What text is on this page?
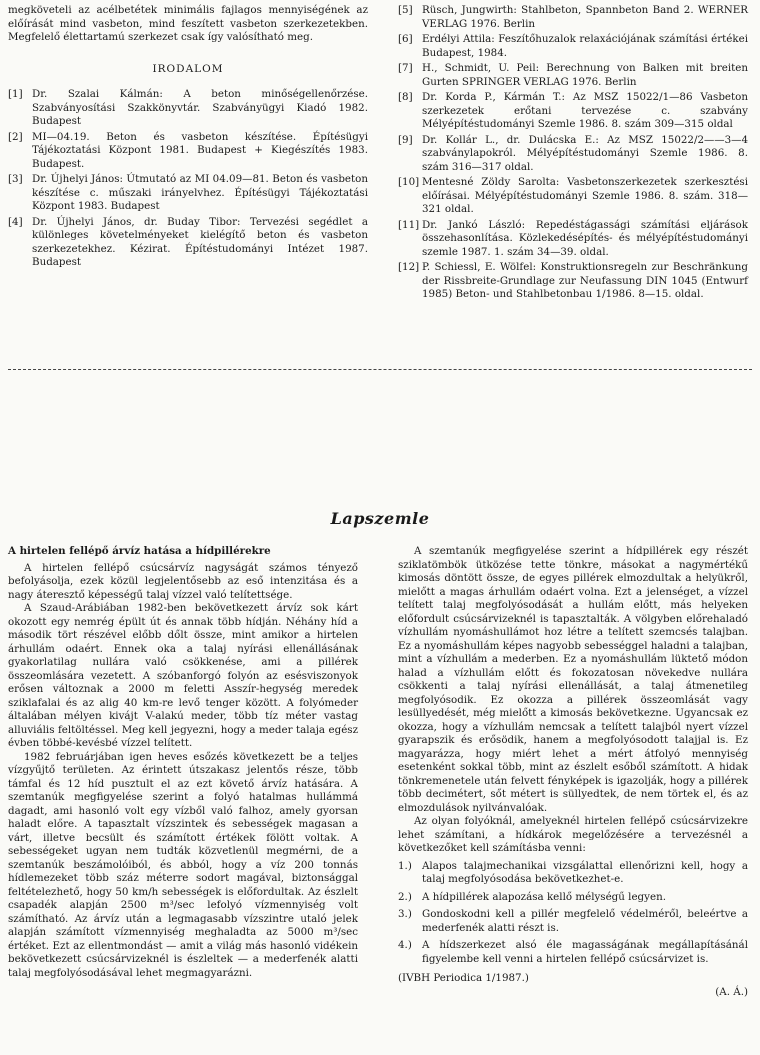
megköveteli az acélbetétek minimális fajlagos mennyiségének az előírását mind vasbeton, mind feszített vasbeton szerkezetekben. Megfelelő élettartamú szerkezet csak így valósítható meg.

IRODALOM
[1] Dr. Szalai Kálmán: A beton minőségellenőrzése. Szabványosítási Szakkönyvtár. Szabványügyi Kiadó 1982. Budapest
[2] MI—04.19. Beton és vasbeton készítése. Építésügyi Tájékoztatási Központ 1981. Budapest + Kiegészítés 1983. Budapest.
[3] Dr. Újhelyi János: Útmutató az MI 04.09—81. Beton és vasbeton készítése c. műszaki irányelvhez. Építésügyi Tájékoztatási Központ 1983. Budapest
[4] Dr. Újhelyi János, dr. Buday Tibor: Tervezési segédlet a különleges követelményeket kielégítő beton és vasbeton szerkezetekhez. Kézirat. Építéstudományi Intézet 1987. Budapest
[5] Rüsch, Jungwirth: Stahlbeton, Spannbeton Band 2. WERNER VERLAG 1976. Berlin
[6] Erdélyi Attila: Feszítőhuzalok relaxációjának számítási értékei Budapest, 1984.
[7] H., Schmidt, U. Peil: Berechnung von Balken mit breiten Gurten SPRINGER VERLAG 1976. Berlin
[8] Dr. Korda P., Kármán T.: Az MSZ 15022/1—86 Vasbeton szerkezetek erőtani tervezése c. szabvány Mélyépítéstudományi Szemle 1986. 8. szám 309—315 oldal
[9] Dr. Kollár L., dr. Dulácska E.: Az MSZ 15022/2——3—4 szabványlapokról. Mélyépítéstudományi Szemle 1986. 8. szám 316—317 oldal.
[10] Mentesné Zöldy Sarolta: Vasbetonszerkezetek szerkesztési előírásai. Mélyépítéstudományi Szemle 1986. 8. szám. 318—321 oldal.
[11] Dr. Jankó László: Repedéstágassági számítási eljárások összehasonlítása. Közlekedésépítés- és mélyépítéstudományi szemle 1987. 1. szám 34—39. oldal.
[12] P. Schiessl, E. Wölfel: Konstruktionsregeln zur Beschränkung der Rissbreite-Grundlage zur Neufassung DIN 1045 (Entwurf 1985) Beton- und Stahlbetonbau 1/1986. 8—15. oldal.
Lapszemle
A hirtelen fellépő árvíz hatása a hídpillérekre

A hirtelen fellépő csúcsárvíz nagyságát számos tényező befolyásolja, ezek közül legjelentősebb az eső intenzitása és a nagy áteresztő képességű talaj vízzel való telítettsége.

A Szaud-Arábiában 1982-ben bekövetkezett árvíz sok kárt okozott egy nemrég épült út és annak több hídján. Néhány híd a második tört részével előbb dőlt össze, mint amikor a hirtelen árhullám odaért. Ennek oka a talaj nyírási ellenállásának gyakorlatilag nullára való csökkenése, ami a pillérek összeomlására vezetett. A szóbanforgó folyón az esésviszonyok erősen változnak a 2000 m feletti Asszír-hegység meredek sziklafalai és az alig 40 km-re levő tenger között. A folyómeder általában mélyen kivájt V-alakú meder, több tíz méter vastag alluviális feltöltéssel. Meg kell jegyezni, hogy a meder talaja egész évben többé-kevésbé vízzel telített.

1982 februárjában igen heves esőzés következett be a teljes vízgyűjtő területen. Az érintett útszakasz jelentős része, több támfal és 12 híd pusztult el az ezt követő árvíz hatására. A szemtanúk megfigyelése szerint a folyó hatalmas hullámmá dagadt, ami hasonló volt egy vízből való falhoz, amely gyorsan haladt előre. A tapasztalt vízszintek és sebességek magasan a várt, illetve becsült és számított értékek fölött voltak. A sebességeket ugyan nem tudták közvetlenül megmérni, de a szemtanúk beszámolóiból, és abból, hogy a víz 200 tonnás hídlemezeket több száz méterre sodort magával, biztonsággal feltételezhető, hogy 50 km/h sebességek is előfordultak. Az észlelt csapadék alapján 2500 m³/sec lefolyó vízmennyiség volt számítható. Az árvíz után a legmagasabb vízszintre utaló jelek alapján számított vízmennyiség meghaladta az 5000 m³/sec értéket. Ezt az ellentmondást — amit a világ más hasonló vidékein bekövetkezett csúcsárvizeknél is észleltek — a mederfenék alatti talaj megfolyósodásával lehet megmagyarázni.

A szemtanúk megfigyelése szerint a hídpillérek egy részét sziklatömbök ütközése tette tönkre, másokat a nagymértékű kimosás döntött össze, de egyes pillérek elmozdultak a helyükről, mielőtt a magas árhullám odaért volna. Ezt a jelenséget, a vízzel telített talaj megfolyósodását a hullám előtt, más helyeken előfordult csúcsárvizeknél is tapasztalták. A völgyben előrehaladó vízhullám nyomáshullámot hoz létre a telített szemcsés talajban. Ez a nyomáshullám képes nagyobb sebességgel haladni a talajban, mint a vízhullám a mederben. Ez a nyomáshullám lüktető módon halad a vízhullám előtt és fokozatosan növekedve nullára csökkenti a talaj nyírási ellenállását, a talaj átmenetileg megfolyósodik. Ez okozza a pillérek összeomlását vagy lesüllyedését, még mielőtt a kimosás bekövetkezne. Ugyancsak ez okozza, hogy a vízhullám nemcsak a telített talajból nyert vízzel gyarapszik és erősödik, hanem a megfolyósodott talajjal is. Ez magyarázza, hogy miért lehet a mért átfolyó mennyiség esetenként sokkal több, mint az észlelt esőből számított. A hidak tönkremenetele után felvett fényképek is igazolják, hogy a pillérek több decimétert, sőt métert is süllyedtek, de nem törtek el, és az elmozdulások nyilvánvalóak.

Az olyan folyóknál, amelyeknél hirtelen fellépő csúcsárvizekre lehet számítani, a hídkárok megelőzésére a tervezésnél a következőket kell számításba venni:

1.) Alapos talajmechanikai vizsgálattal ellenőrizni kell, hogy a talaj megfolyósodása bekövetkezhet-e.
2.) A hídpillérek alapozása kellő mélységű legyen.
3.) Gondoskodni kell a pillér megfelelő védelméről, beleértve a mederfenék alatti részt is.
4.) A hídszerkezet alsó éle magasságának megállapításánál figyelembe kell venni a hirtelen fellépő csúcsárvizet is.
(IVBH Periodica 1/1987.)
(A. Á.)
